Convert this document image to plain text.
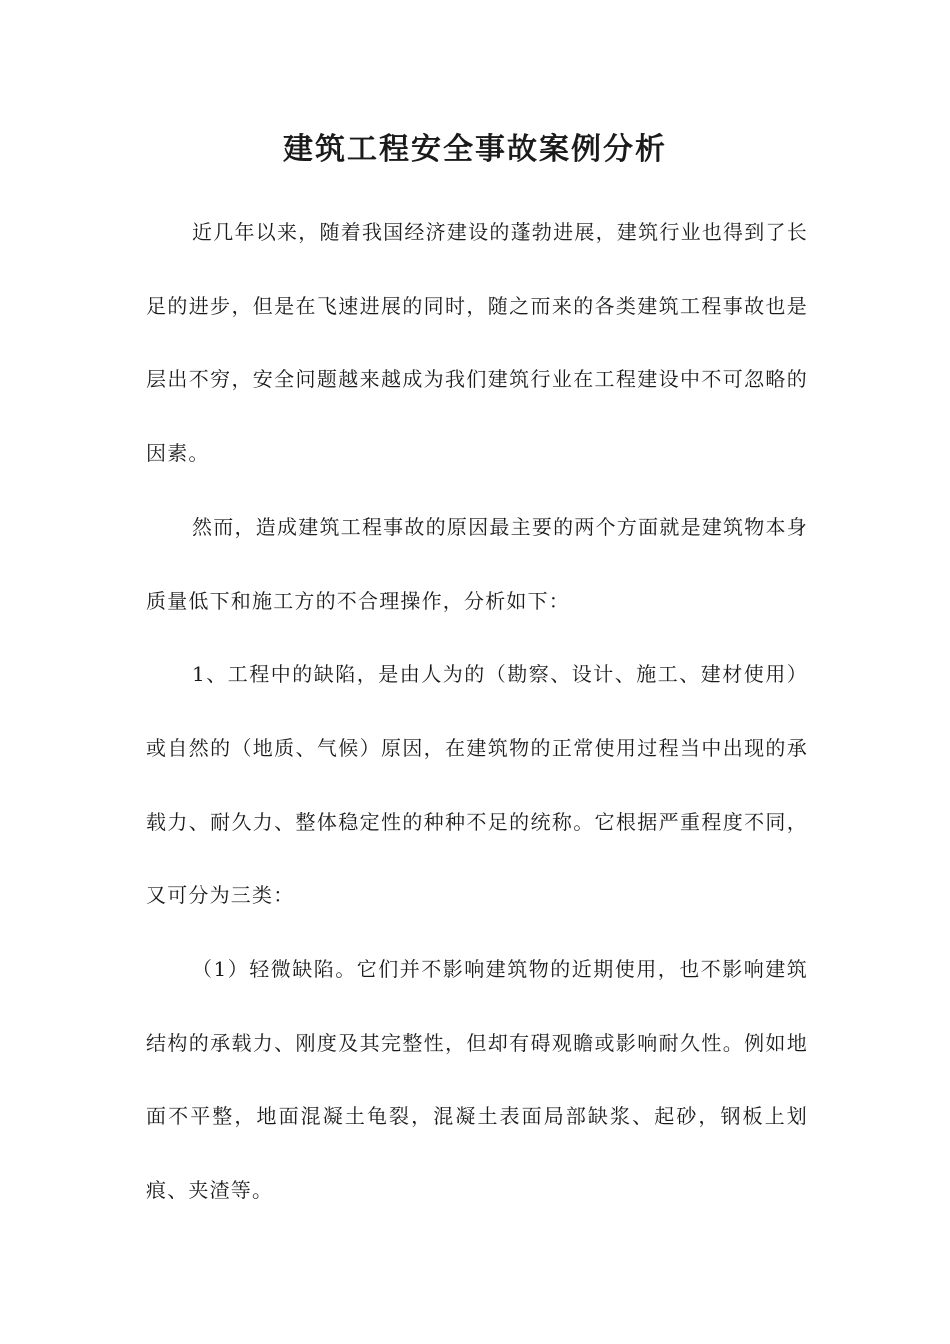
建筑工程安全事故案例分析

近几年以来，随着我国经济建设的蓬勃进展，建筑行业也得到了长足的进步，但是在飞速进展的同时，随之而来的各类建筑工程事故也是层出不穷，安全问题越来越成为我们建筑行业在工程建设中不可忽略的因素。

然而，造成建筑工程事故的原因最主要的两个方面就是建筑物本身质量低下和施工方的不合理操作，分析如下：

1、工程中的缺陷，是由人为的（勘察、设计、施工、建材使用）或自然的（地质、气候）原因，在建筑物的正常使用过程当中出现的承载力、耐久力、整体稳定性的种种不足的统称。它根据严重程度不同，又可分为三类：

（1）轻微缺陷。它们并不影响建筑物的近期使用，也不影响建筑结构的承载力、刚度及其完整性，但却有碍观瞻或影响耐久性。例如地面不平整，地面混凝土龟裂，混凝土表面局部缺浆、起砂，钢板上划痕、夹渣等。
